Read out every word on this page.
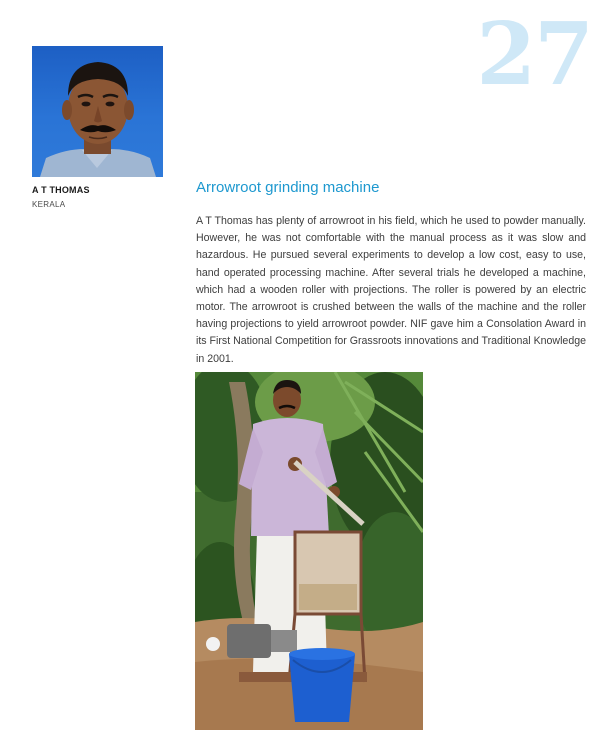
27
A T THOMAS
KERALA
Arrowroot grinding machine

A T Thomas has plenty of arrowroot in his field, which he used to powder manually. However, he was not comfortable with the manual process as it was slow and hazardous. He pursued several experiments to develop a low cost, easy to use, hand operated processing machine. After several trials he developed a machine, which had a wooden roller with projections. The roller is powered by an electric motor. The arrowroot is crushed between the walls of the machine and the roller having projections to yield arrowroot powder. NIF gave him a Consolation Award in its First National Competition for Grassroots innovations and Traditional Knowledge in 2001.
